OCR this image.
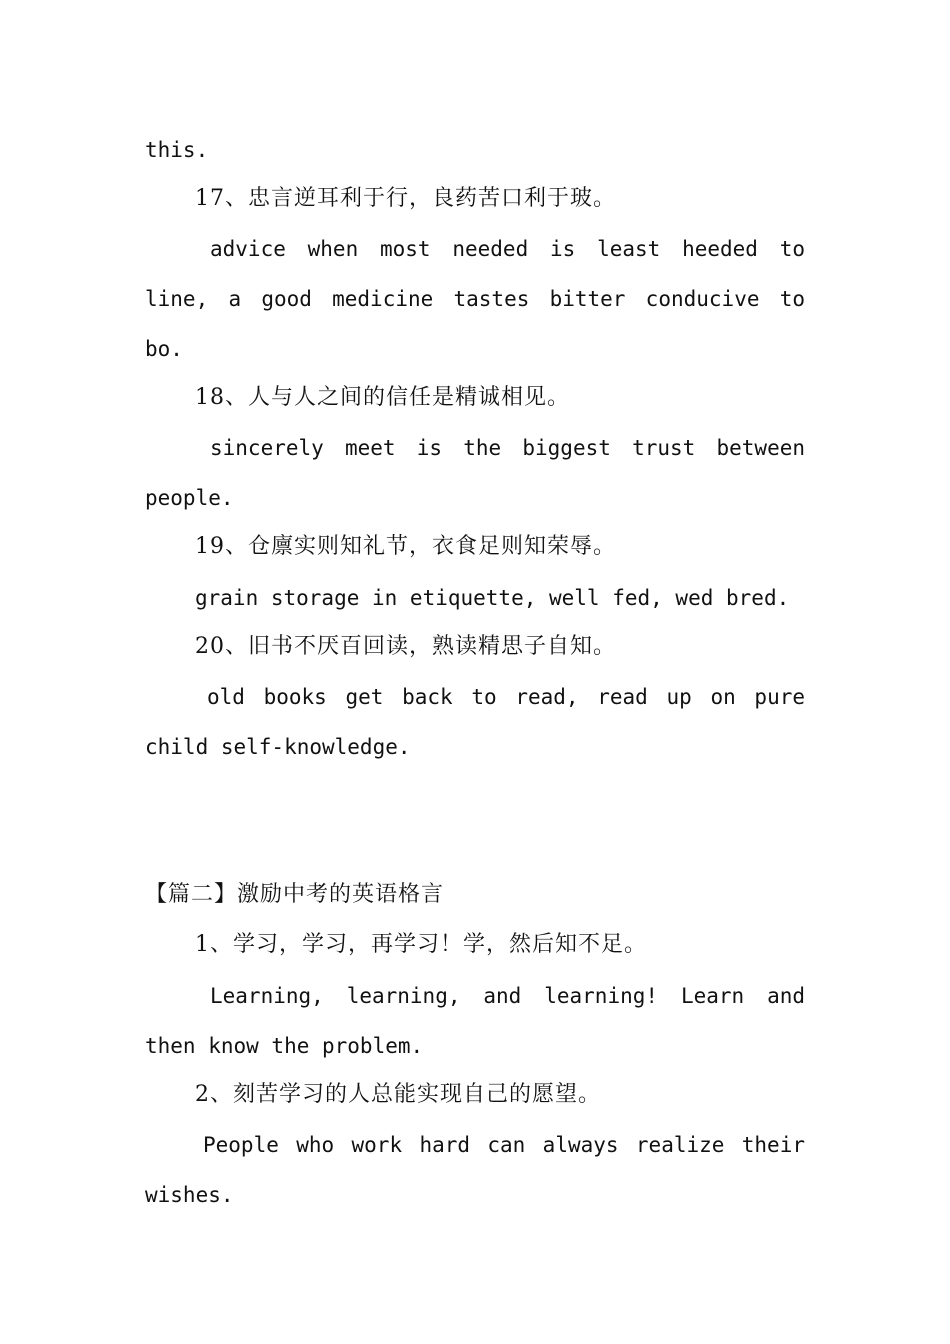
this.
17、忠言逆耳利于行，良药苦口利于玻。
advice when most needed is least heeded to
line, a good medicine tastes bitter conducive to
bo.
18、人与人之间的信任是精诚相见。
sincerely meet is the biggest trust between
people.
19、仓廪实则知礼节，衣食足则知荣辱。
grain storage in etiquette, well fed, wed bred.
20、旧书不厌百回读，熟读精思子自知。
old books get back to read, read up on pure
child self-knowledge.
【篇二】激励中考的英语格言
1、学习，学习，再学习！学，然后知不足。
Learning, learning, and learning! Learn and
then know the problem.
2、刻苦学习的人总能实现自己的愿望。
People who work hard can always realize their
wishes.
